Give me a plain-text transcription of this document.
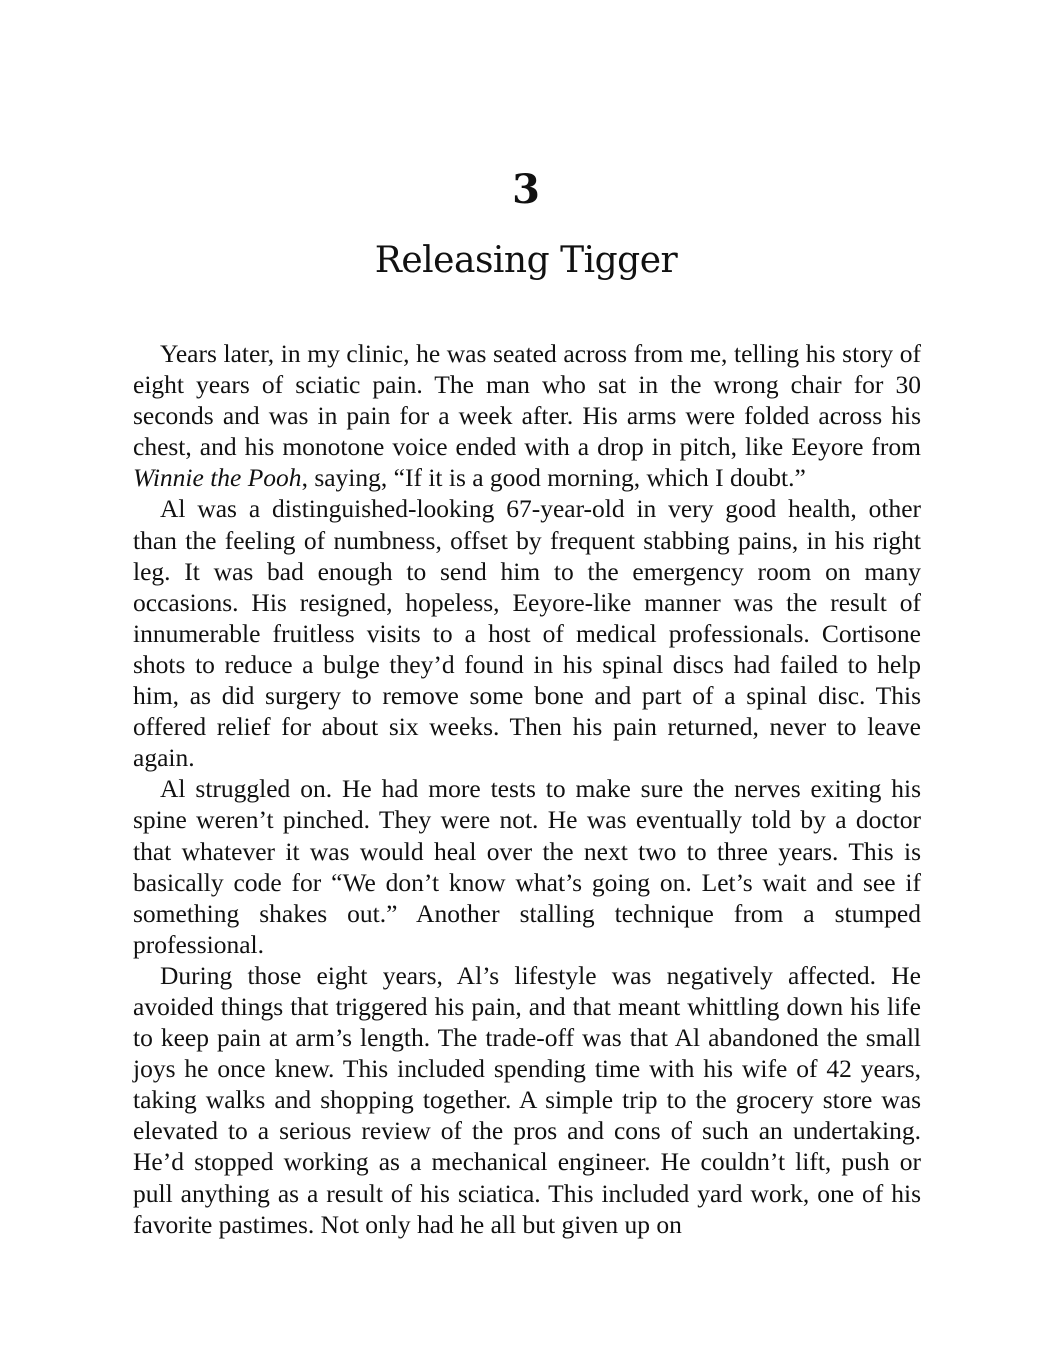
3
Releasing Tigger

Years later, in my clinic, he was seated across from me, telling his story of eight years of sciatic pain. The man who sat in the wrong chair for 30 seconds and was in pain for a week after. His arms were folded across his chest, and his monotone voice ended with a drop in pitch, like Eeyore from Winnie the Pooh, saying, “If it is a good morning, which I doubt.”

Al was a distinguished-looking 67-year-old in very good health, other than the feeling of numbness, offset by frequent stabbing pains, in his right leg. It was bad enough to send him to the emergency room on many occasions. His resigned, hopeless, Eeyore-like manner was the result of innumerable fruitless visits to a host of medical professionals. Cortisone shots to reduce a bulge they’d found in his spinal discs had failed to help him, as did surgery to remove some bone and part of a spinal disc. This offered relief for about six weeks. Then his pain returned, never to leave again.

Al struggled on. He had more tests to make sure the nerves exiting his spine weren’t pinched. They were not. He was eventually told by a doctor that whatever it was would heal over the next two to three years. This is basically code for “We don’t know what’s going on. Let’s wait and see if something shakes out.” Another stalling technique from a stumped professional.

During those eight years, Al’s lifestyle was negatively affected. He avoided things that triggered his pain, and that meant whittling down his life to keep pain at arm’s length. The trade-off was that Al abandoned the small joys he once knew. This included spending time with his wife of 42 years, taking walks and shopping together. A simple trip to the grocery store was elevated to a serious review of the pros and cons of such an undertaking. He’d stopped working as a mechanical engineer. He couldn’t lift, push or pull anything as a result of his sciatica. This included yard work, one of his favorite pastimes. Not only had he all but given up on
